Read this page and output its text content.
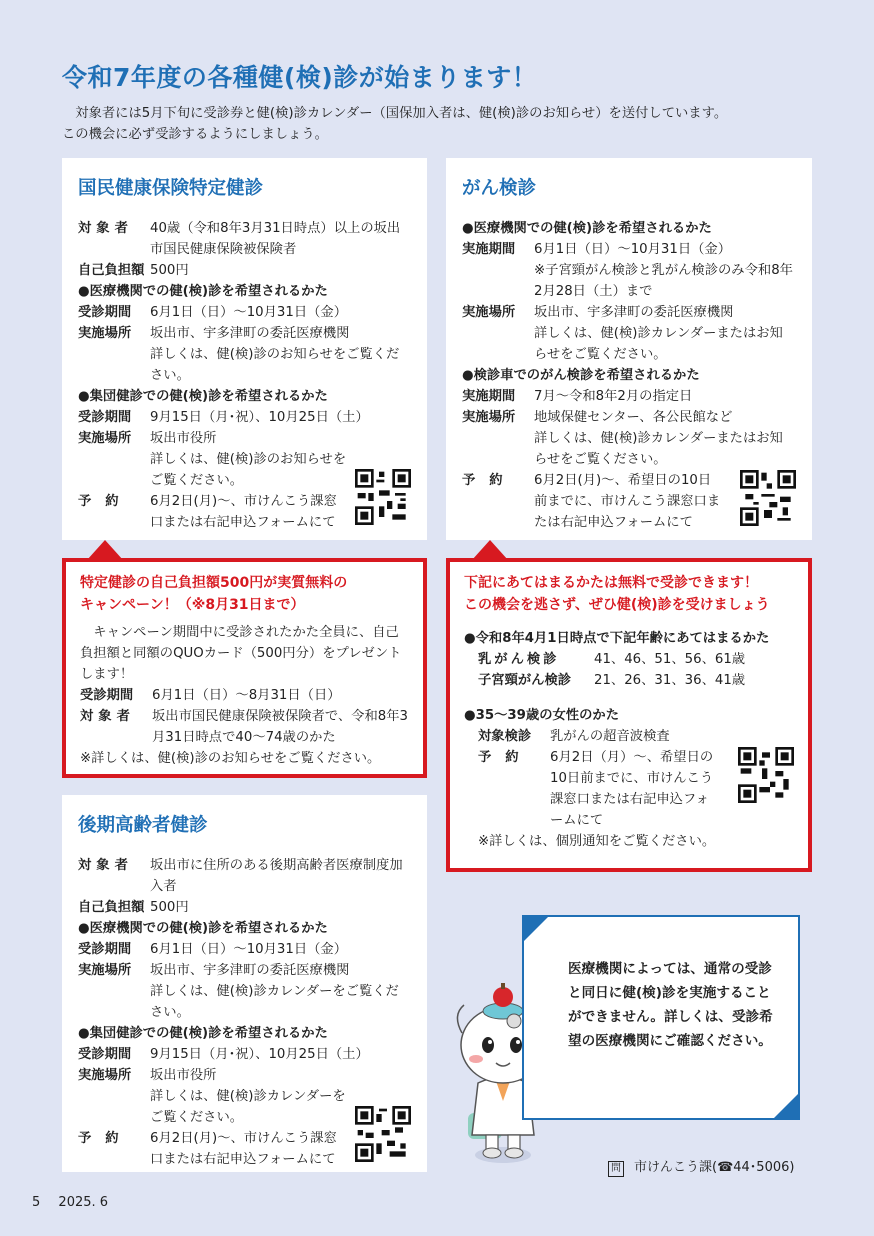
令和7年度の各種健(検)診が始まります！
対象者には5月下旬に受診券と健(検)診カレンダー（国保加入者は、健(検)診のお知らせ）を送付しています。
この機会に必ず受診するようにしましょう。
国民健康保険特定健診
対象者	40歳（令和8年3月31日時点）以上の坂出市国民健康保険被保険者
自己負担額 500円
●医療機関での健(検)診を希望されるかた
受診期間	6月1日（日）～10月31日（金）
実施場所	坂出市、宇多津町の委託医療機関
詳しくは、健(検)診のお知らせをご覧ください。
●集団健診での健(検)診を希望されるかた
受診期間	9月15日（月･祝）、10月25日（土）
実施場所	坂出市役所
詳しくは、健(検)診のお知らせをご覧ください。
予約	6月2日(月)～、市けんこう課窓口または右記申込フォームにて
特定健診の自己負担額500円が実質無料の
キャンペーン！（※8月31日まで）
キャンペーン期間中に受診されたかた全員に、自己負担額と同額のQUOカード（500円分）をプレゼントします！
受診期間	6月1日（日）～8月31日（日）
対象者	坂出市国民健康保険被保険者で、令和8年3月31日時点で40～74歳のかた
※詳しくは、健(検)診のお知らせをご覧ください。
後期高齢者健診
対象者	坂出市に住所のある後期高齢者医療制度加入者
自己負担額 500円
●医療機関での健(検)診を希望されるかた
受診期間	6月1日（日）～10月31日（金）
実施場所	坂出市、宇多津町の委託医療機関
詳しくは、健(検)診カレンダーをご覧ください。
●集団健診での健(検)診を希望されるかた
受診期間	9月15日（月･祝）、10月25日（土）
実施場所	坂出市役所
詳しくは、健(検)診カレンダーをご覧ください。
予約	6月2日(月)～、市けんこう課窓口または右記申込フォームにて
がん検診
●医療機関での健(検)診を希望されるかた
実施期間	6月1日（日）～10月31日（金）
※子宮頸がん検診と乳がん検診のみ令和8年2月28日（土）まで
実施場所	坂出市、宇多津町の委託医療機関
詳しくは、健(検)診カレンダーまたはお知らせをご覧ください。
●検診車でのがん検診を希望されるかた
実施期間	7月～令和8年2月の指定日
実施場所	地域保健センター、各公民館など
詳しくは、健(検)診カレンダーまたはお知らせをご覧ください。
予約	6月2日(月)～、希望日の10日前までに、市けんこう課窓口または右記申込フォームにて
下記にあてはまるかたは無料で受診できます！
この機会を逃さず、ぜひ健(検)診を受けましょう
●令和8年4月1日時点で下記年齢にあてはまるかた
乳がん検診	41、46、51、56、61歳
子宮頸がん検診	21、26、31、36、41歳
●35～39歳の女性のかた
対象検診	乳がんの超音波検査
予約	6月2日（月）～、希望日の10日前までに、市けんこう課窓口または右記申込フォームにて
※詳しくは、個別通知をご覧ください。

医療機関によっては、通常の受診と同日に健(検)診を実施することができません。詳しくは、受診希望の医療機関にご確認ください。

問 市けんこう課(☎44･5006)
5 2025. 6
